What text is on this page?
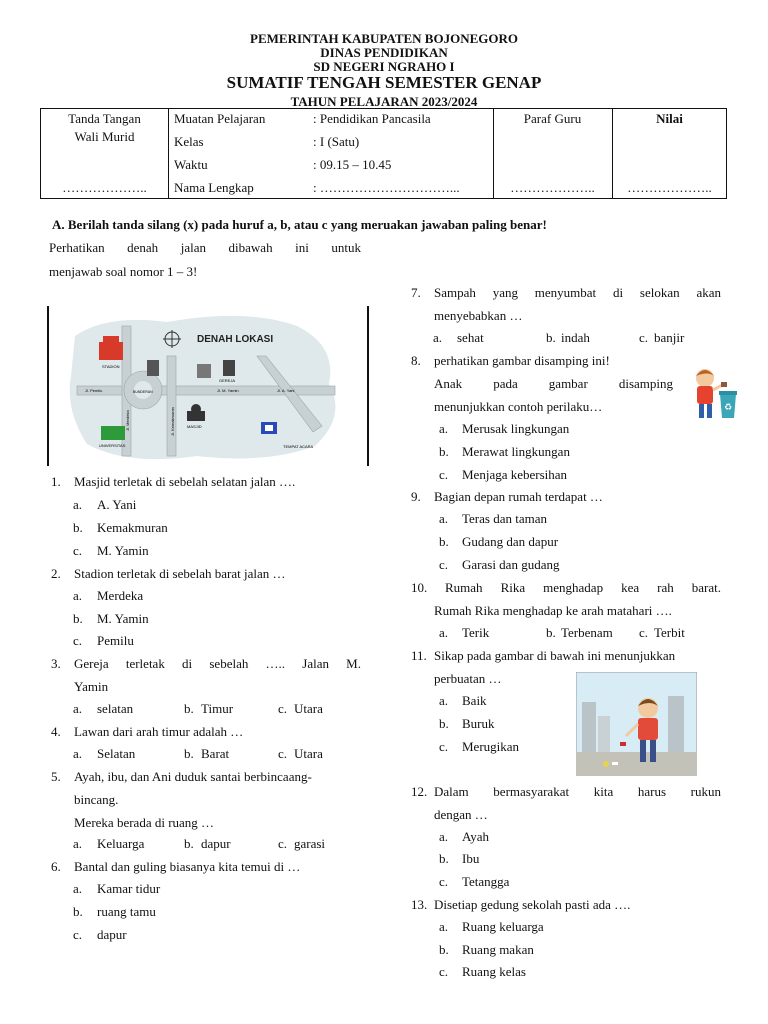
PEMERINTAH KABUPATEN BOJONEGORO
DINAS PENDIDIKAN
SD NEGERI NGRAHO I
SUMATIF TENGAH SEMESTER GENAP
TAHUN PELAJARAN 2023/2024
Tanda Tangan
Wali Murid
………………..
Muatan Pelajaran	: Pendidikan Pancasila
Kelas	: I (Satu)
Waktu	: 09.15 – 10.45
Nama Lengkap	: …………………………...
Paraf Guru
………………..
Nilai
………………..
A. Berilah tanda silang (x) pada huruf a, b, atau c yang meruakan jawaban paling benar!
Perhatikan denah jalan dibawah ini untuk
menjawab soal nomor 1 – 3!
DENAH LOKASI
STADION
GEREJA
MASJID
UNIVERSITAS	TEMPAT ACARA
BUNDERAN
Jl. Pemilu	Jl. M. Yamin	Jl. A. Yani
Jl. Merdeka	Jl. Kemakmuran
1. Masjid terletak di sebelah selatan jalan ….
a. A. Yani
b. Kemakmuran
c. M. Yamin
2. Stadion terletak di sebelah barat jalan …
a. Merdeka
b. M. Yamin
c. Pemilu
3. Gereja terletak di sebelah ….. Jalan M.
Yamin
a. selatan	b. Timur	c. Utara
4. Lawan dari arah timur adalah …
a. Selatan	b. Barat	c. Utara
5. Ayah, ibu, dan Ani duduk santai berbincaang-
bincang.
Mereka berada di ruang …
a. Keluarga	b. dapur	c. garasi
6. Bantal dan guling biasanya kita temui di …
a. Kamar tidur
b. ruang tamu
c. dapur
7. Sampah yang menyumbat di selokan akan
menyebabkan …
a. sehat	b. indah	c. banjir
8. perhatikan gambar disamping ini!
Anak pada gambar disamping
menunjukkan contoh perilaku…	♻
a. Merusak lingkungan
b. Merawat lingkungan
c. Menjaga kebersihan
9. Bagian depan rumah terdapat …
a. Teras dan taman
b. Gudang dan dapur
c. Garasi dan gudang
10. Rumah Rika menghadap kea rah barat.
Rumah Rika menghadap ke arah matahari ….
a. Terik	b. Terbenam c. Terbit
11. Sikap pada gambar di bawah ini menunjukkan
perbuatan …
a. Baik
b. Buruk
c. Merugikan
12. Dalam bermasyarakat kita harus rukun
dengan …
a. Ayah
b. Ibu
c. Tetangga
13. Disetiap gedung sekolah pasti ada ….
a. Ruang keluarga
b. Ruang makan
c. Ruang kelas
